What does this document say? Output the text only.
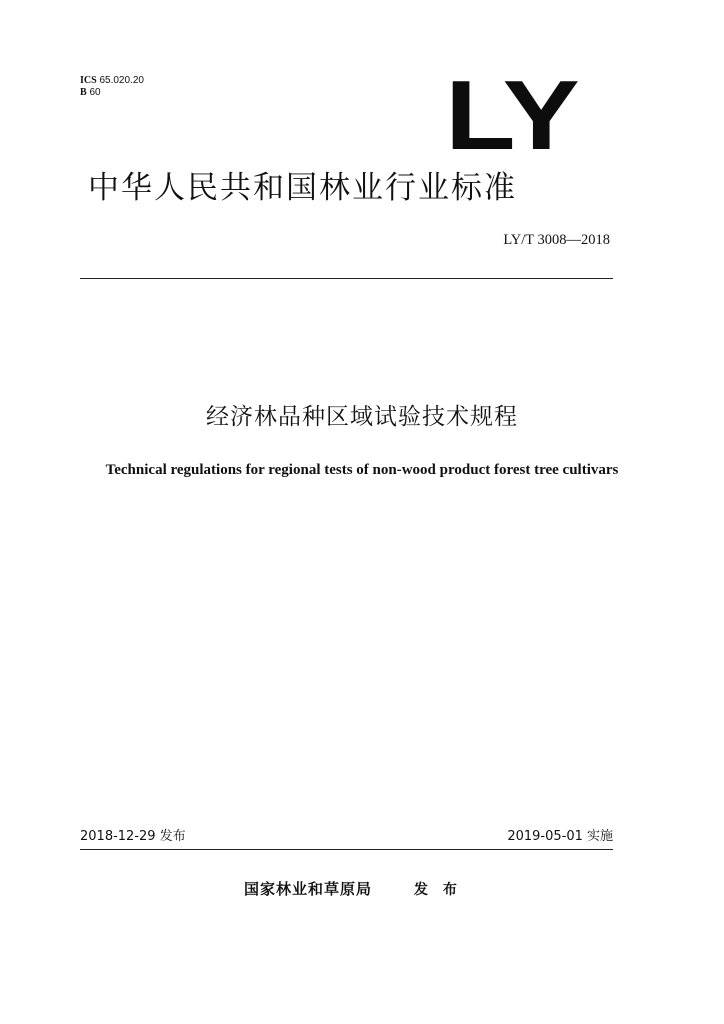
ICS 65.020.20
B 60	LY
中华人民共和国林业行业标准
LY/T 3008—2018
经济林品种区域试验技术规程
Technical regulations for regional tests of non-wood product forest tree cultivars
2018-12-29 发布	2019-05-01 实施
国家林业和草原局	发 布
